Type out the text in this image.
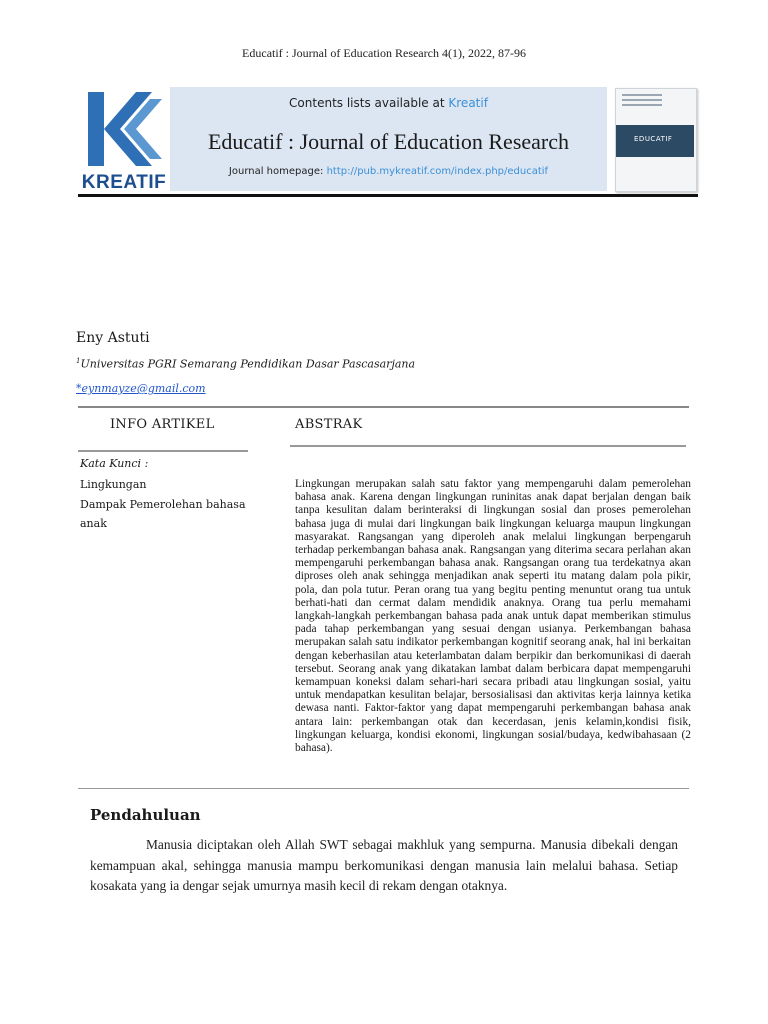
Educatif : Journal of Education Research 4(1), 2022, 87-96
KREATIF
Contents lists available at Kreatif
Educatif : Journal of Education Research
Journal homepage: http://pub.mykreatif.com/index.php/educatif
EDUCATIF
Eny Astuti
$^1$Universitas PGRI Semarang Pendidikan Dasar Pascasarjana
*eynmayze@gmail.com
INFO ARTIKEL
Kata Kunci :
Lingkungan
Dampak Pemerolehan bahasa
anak
ABSTRAK
Lingkungan merupakan salah satu faktor yang mempengaruhi dalam pemerolehan bahasa anak. Karena dengan lingkungan runinitas anak dapat berjalan dengan baik tanpa kesulitan dalam berinteraksi di lingkungan sosial dan proses pemerolehan bahasa juga di mulai dari lingkungan baik lingkungan keluarga maupun lingkungan masyarakat. Rangsangan yang diperoleh anak melalui lingkungan berpengaruh terhadap perkembangan bahasa anak. Rangsangan yang diterima secara perlahan akan mempengaruhi perkembangan bahasa anak. Rangsangan orang tua terdekatnya akan diproses oleh anak sehingga menjadikan anak seperti itu matang dalam pola pikir, pola, dan pola tutur. Peran orang tua yang begitu penting menuntut orang tua untuk berhati-hati dan cermat dalam mendidik anaknya. Orang tua perlu memahami langkah-langkah perkembangan bahasa pada anak untuk dapat memberikan stimulus pada tahap perkembangan yang sesuai dengan usianya. Perkembangan bahasa merupakan salah satu indikator perkembangan kognitif seorang anak, hal ini berkaitan dengan keberhasilan atau keterlambatan dalam berpikir dan berkomunikasi di daerah tersebut. Seorang anak yang dikatakan lambat dalam berbicara dapat mempengaruhi kemampuan koneksi dalam sehari-hari secara pribadi atau lingkungan sosial, yaitu untuk mendapatkan kesulitan belajar, bersosialisasi dan aktivitas kerja lainnya ketika dewasa nanti. Faktor-faktor yang dapat mempengaruhi perkembangan bahasa anak antara lain: perkembangan otak dan kecerdasan, jenis kelamin,kondisi fisik, lingkungan keluarga, kondisi ekonomi, lingkungan sosial/budaya, kedwibahasaan (2 bahasa).
Pendahuluan
Manusia diciptakan oleh Allah SWT sebagai makhluk yang sempurna. Manusia dibekali dengan kemampuan akal, sehingga manusia mampu berkomunikasi dengan manusia lain melalui bahasa. Setiap kosakata yang ia dengar sejak umurnya masih kecil di rekam dengan otaknya.
